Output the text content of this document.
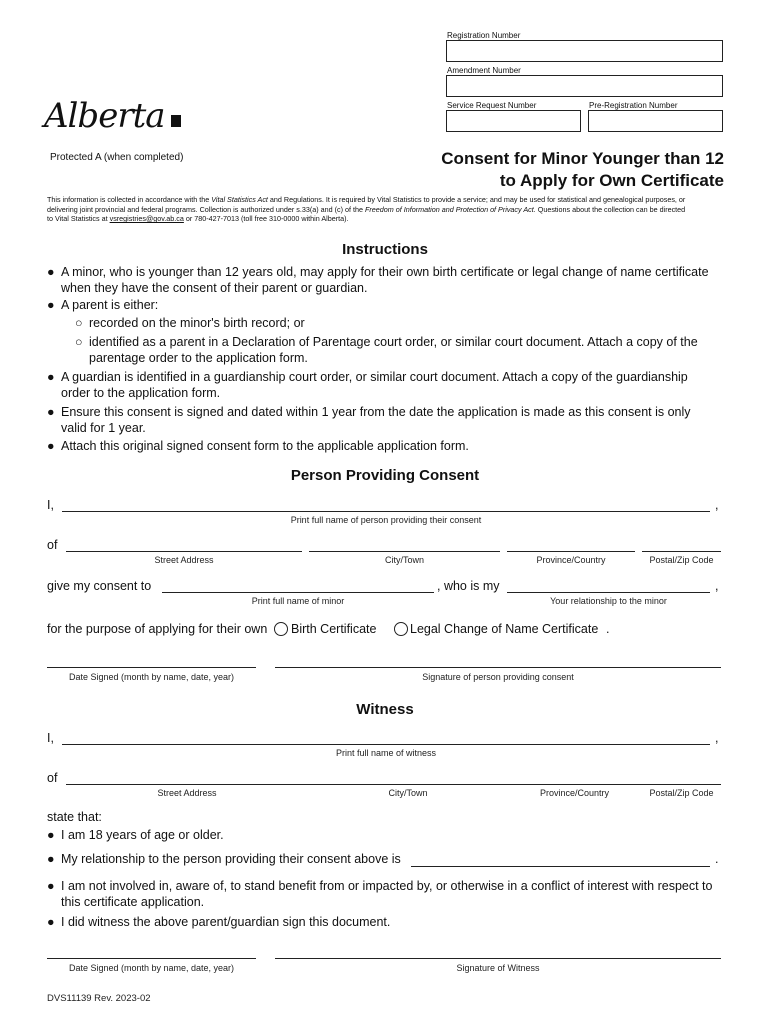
Registration Number
Amendment Number
Service Request Number	Pre-Registration Number
Alberta
Protected A (when completed)	Consent for Minor Younger than 12
to Apply for Own Certificate
This information is collected in accordance with the Vital Statistics Act and Regulations. It is required by Vital Statistics to provide a service; and may be used for statistical and genealogical purposes, or
delivering joint provincial and federal programs. Collection is authorized under s.33(a) and (c) of the Freedom of Information and Protection of Privacy Act. Questions about the collection can be directed
to Vital Statistics at vsregistries@gov.ab.ca or 780-427-7013 (toll free 310-0000 within Alberta).
Instructions
● A minor, who is younger than 12 years old, may apply for their own birth certificate or legal change of name certificate
when they have the consent of their parent or guardian.
● A parent is either:
○ recorded on the minor's birth record; or
○ identified as a parent in a Declaration of Parentage court order, or similar court document. Attach a copy of the
parentage order to the application form.
● A guardian is identified in a guardianship court order, or similar court document. Attach a copy of the guardianship
order to the application form.
● Ensure this consent is signed and dated within 1 year from the date the application is made as this consent is only
valid for 1 year.
● Attach this original signed consent form to the applicable application form.
Person Providing Consent
I,	,
Print full name of person providing their consent
of
Street Address	City/Town	Province/Country	Postal/Zip Code
give my consent to	, who is my	,
Print full name of minor	Your relationship to the minor
for the purpose of applying for their own Birth Certificate	Legal Change of Name Certificate .
Date Signed (month by name, date, year)	Signature of person providing consent
Witness
I,	,
Print full name of witness
of
Street Address	City/Town	Province/Country	Postal/Zip Code
state that:
● I am 18 years of age or older.
● My relationship to the person providing their consent above is	.
● I am not involved in, aware of, to stand benefit from or impacted by, or otherwise in a conflict of interest with respect to
this certificate application.
● I did witness the above parent/guardian sign this document.
Date Signed (month by name, date, year)	Signature of Witness
DVS11139 Rev. 2023-02
